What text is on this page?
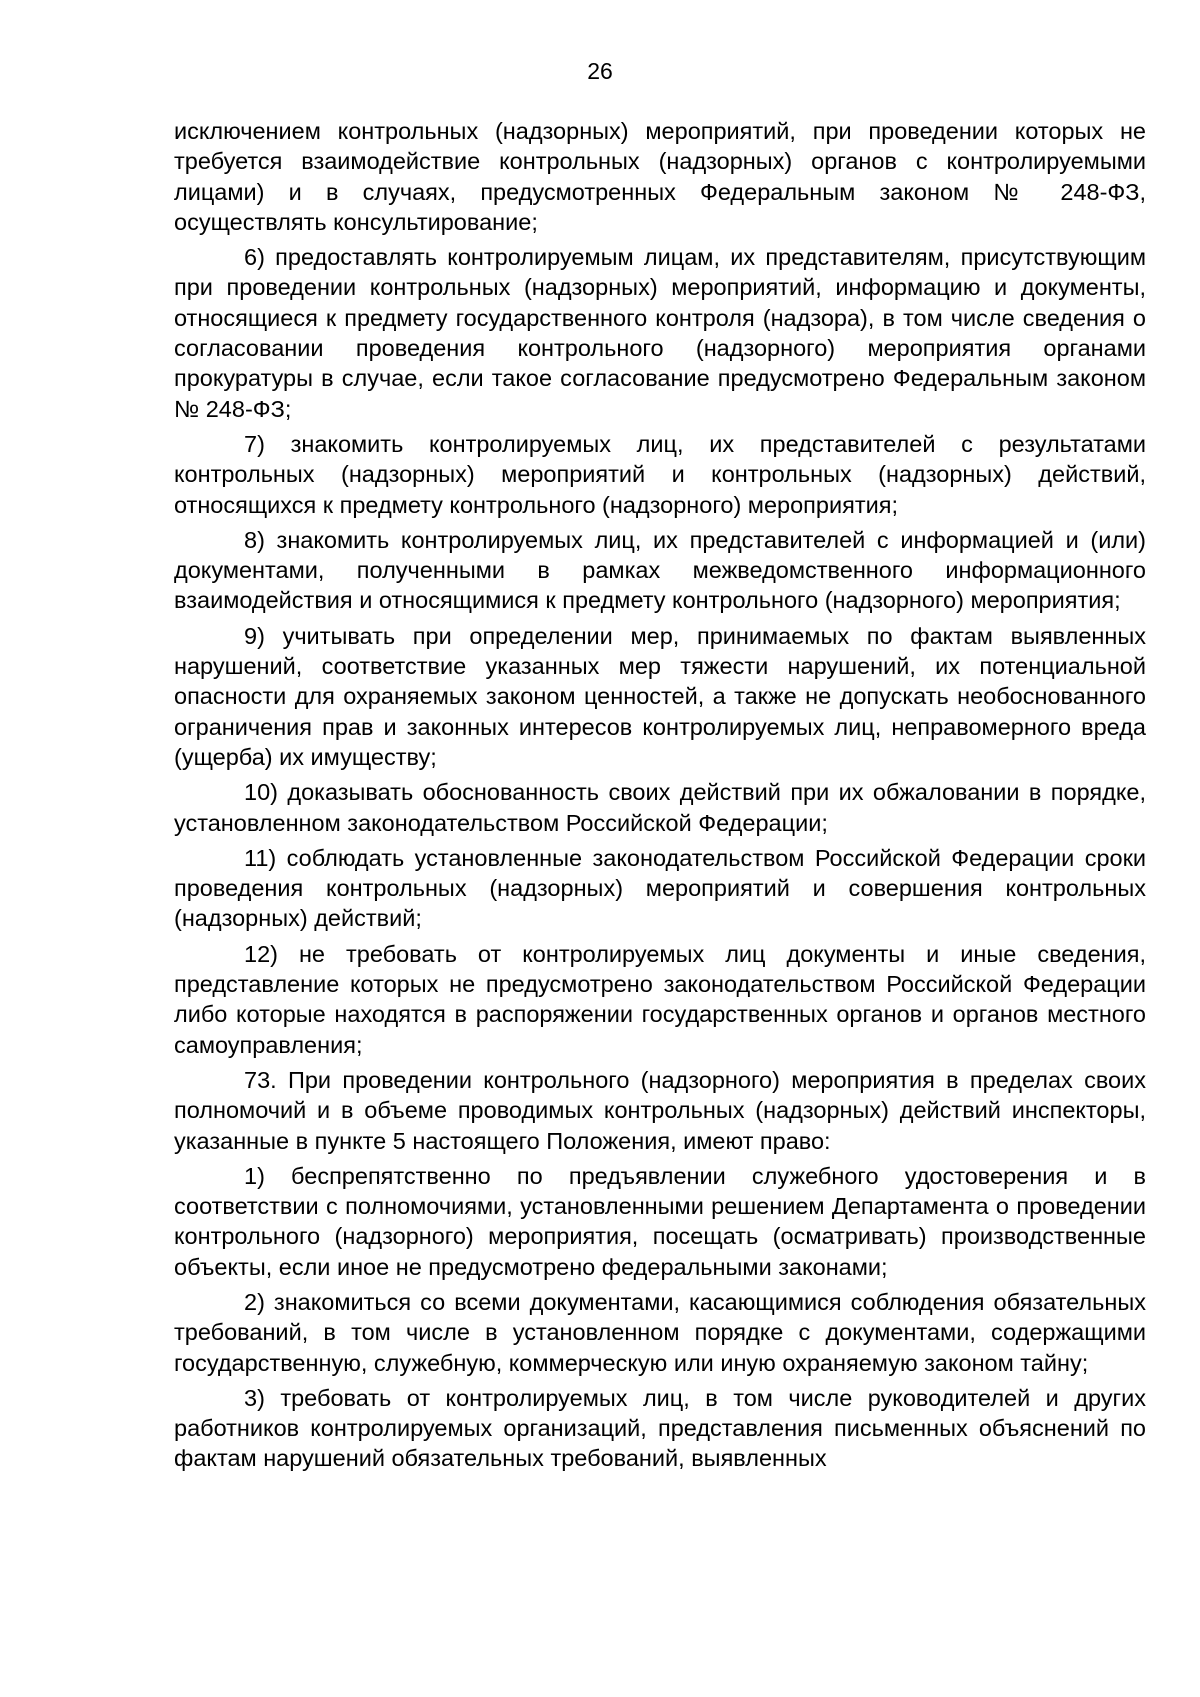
26

исключением контрольных (надзорных) мероприятий, при проведении которых не требуется взаимодействие контрольных (надзорных) органов с контролируемыми лицами) и в случаях, предусмотренных Федеральным законом № 248-ФЗ, осуществлять консультирование;

6) предоставлять контролируемым лицам, их представителям, присутствующим при проведении контрольных (надзорных) мероприятий, информацию и документы, относящиеся к предмету государственного контроля (надзора), в том числе сведения о согласовании проведения контрольного (надзорного) мероприятия органами прокуратуры в случае, если такое согласование предусмотрено Федеральным законом № 248-ФЗ;

7) знакомить контролируемых лиц, их представителей с результатами контрольных (надзорных) мероприятий и контрольных (надзорных) действий, относящихся к предмету контрольного (надзорного) мероприятия;

8) знакомить контролируемых лиц, их представителей с информацией и (или) документами, полученными в рамках межведомственного информационного взаимодействия и относящимися к предмету контрольного (надзорного) мероприятия;

9) учитывать при определении мер, принимаемых по фактам выявленных нарушений, соответствие указанных мер тяжести нарушений, их потенциальной опасности для охраняемых законом ценностей, а также не допускать необоснованного ограничения прав и законных интересов контролируемых лиц, неправомерного вреда (ущерба) их имуществу;

10) доказывать обоснованность своих действий при их обжаловании в порядке, установленном законодательством Российской Федерации;

11) соблюдать установленные законодательством Российской Федерации сроки проведения контрольных (надзорных) мероприятий и совершения контрольных (надзорных) действий;

12) не требовать от контролируемых лиц документы и иные сведения, представление которых не предусмотрено законодательством Российской Федерации либо которые находятся в распоряжении государственных органов и органов местного самоуправления;

73. При проведении контрольного (надзорного) мероприятия в пределах своих полномочий и в объеме проводимых контрольных (надзорных) действий инспекторы, указанные в пункте 5 настоящего Положения, имеют право:

1) беспрепятственно по предъявлении служебного удостоверения и в соответствии с полномочиями, установленными решением Департамента о проведении контрольного (надзорного) мероприятия, посещать (осматривать) производственные объекты, если иное не предусмотрено федеральными законами;

2) знакомиться со всеми документами, касающимися соблюдения обязательных требований, в том числе в установленном порядке с документами, содержащими государственную, служебную, коммерческую или иную охраняемую законом тайну;

3) требовать от контролируемых лиц, в том числе руководителей и других работников контролируемых организаций, представления письменных объяснений по фактам нарушений обязательных требований, выявленных
